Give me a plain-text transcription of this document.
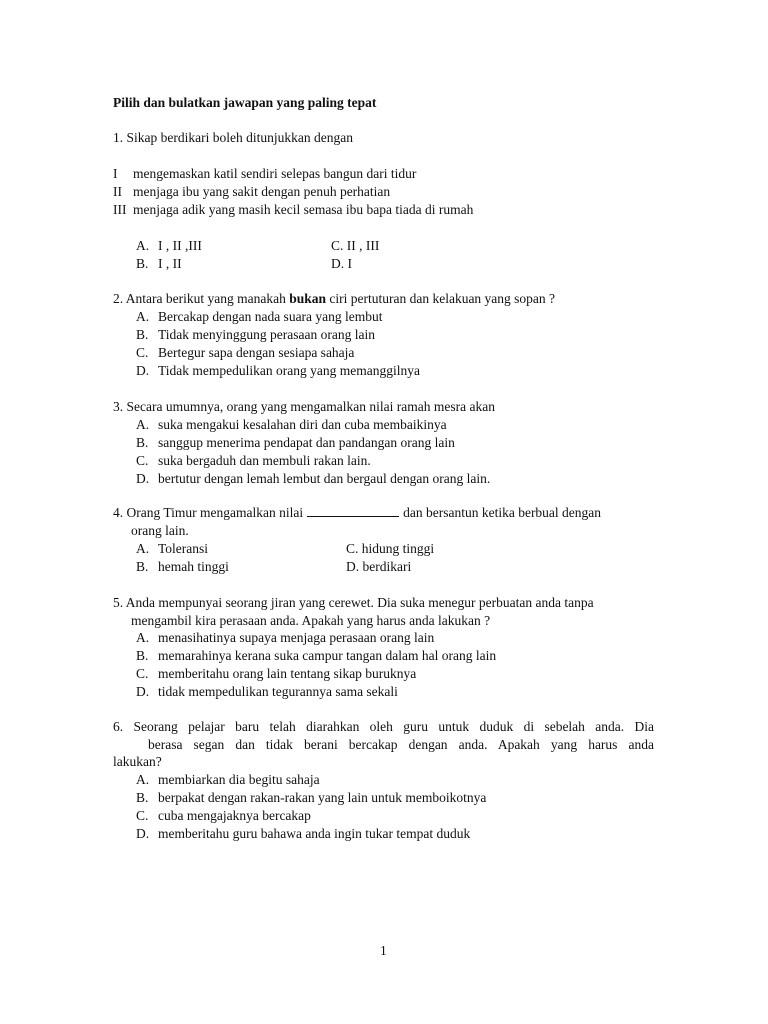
Pilih dan bulatkan jawapan yang paling tepat
1. Sikap berdikari boleh ditunjukkan dengan
I mengemaskan katil sendiri selepas bangun dari tidur
II menjaga ibu yang sakit dengan penuh perhatian
III menjaga adik yang masih kecil semasa ibu bapa tiada di rumah
A. I , II ,III
B. I , II
C. II , III
D. I
2. Antara berikut yang manakah bukan ciri pertuturan dan kelakuan yang sopan ?
A. Bercakap dengan nada suara yang lembut
B. Tidak menyinggung perasaan orang lain
C. Bertegur sapa dengan sesiapa sahaja
D. Tidak mempedulikan orang yang memanggilnya
3. Secara umumnya, orang yang mengamalkan nilai ramah mesra akan
A. suka mengakui kesalahan diri dan cuba membaikinya
B. sanggup menerima pendapat dan pandangan orang lain
C. suka bergaduh dan membuli rakan lain.
D. bertutur dengan lemah lembut dan bergaul dengan orang lain.
4. Orang Timur mengamalkan nilai	dan bersantun ketika berbual dengan
orang lain.
A. Toleransi
B. hemah tinggi
C. hidung tinggi
D. berdikari
5. Anda mempunyai seorang jiran yang cerewet. Dia suka menegur perbuatan anda tanpa
mengambil kira perasaan anda. Apakah yang harus anda lakukan ?
A. menasihatinya supaya menjaga perasaan orang lain
B. memarahinya kerana suka campur tangan dalam hal orang lain
C. memberitahu orang lain tentang sikap buruknya
D. tidak mempedulikan tegurannya sama sekali
6. Seorang pelajar baru telah diarahkan oleh guru untuk duduk di sebelah anda. Dia
berasa segan dan tidak berani bercakap dengan anda. Apakah yang harus anda
lakukan?
A. membiarkan dia begitu sahaja
B. berpakat dengan rakan-rakan yang lain untuk memboikotnya
C. cuba mengajaknya bercakap
D. memberitahu guru bahawa anda ingin tukar tempat duduk
1
